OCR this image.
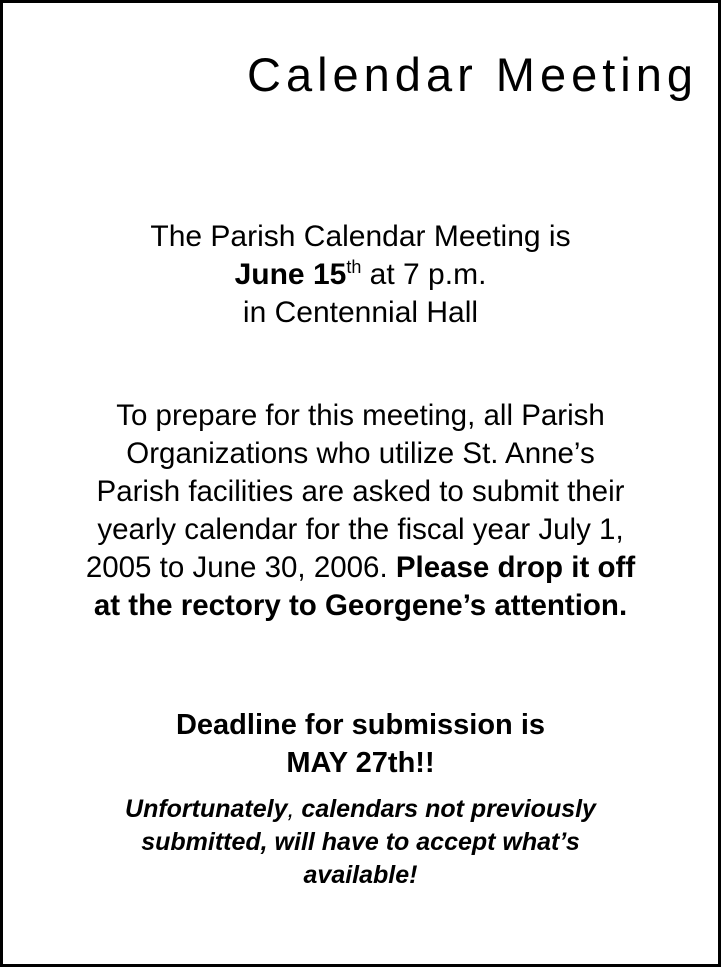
Calendar Meeting

The Parish Calendar Meeting is
June 15th at 7 p.m.
in Centennial Hall

To prepare for this meeting, all Parish
Organizations who utilize St. Anne’s
Parish facilities are asked to submit their
yearly calendar for the fiscal year July 1,
2005 to June 30, 2006. Please drop it off
at the rectory to Georgene’s attention.

Deadline for submission is
MAY 27th!!

Unfortunately, calendars not previously
submitted, will have to accept what’s
available!
